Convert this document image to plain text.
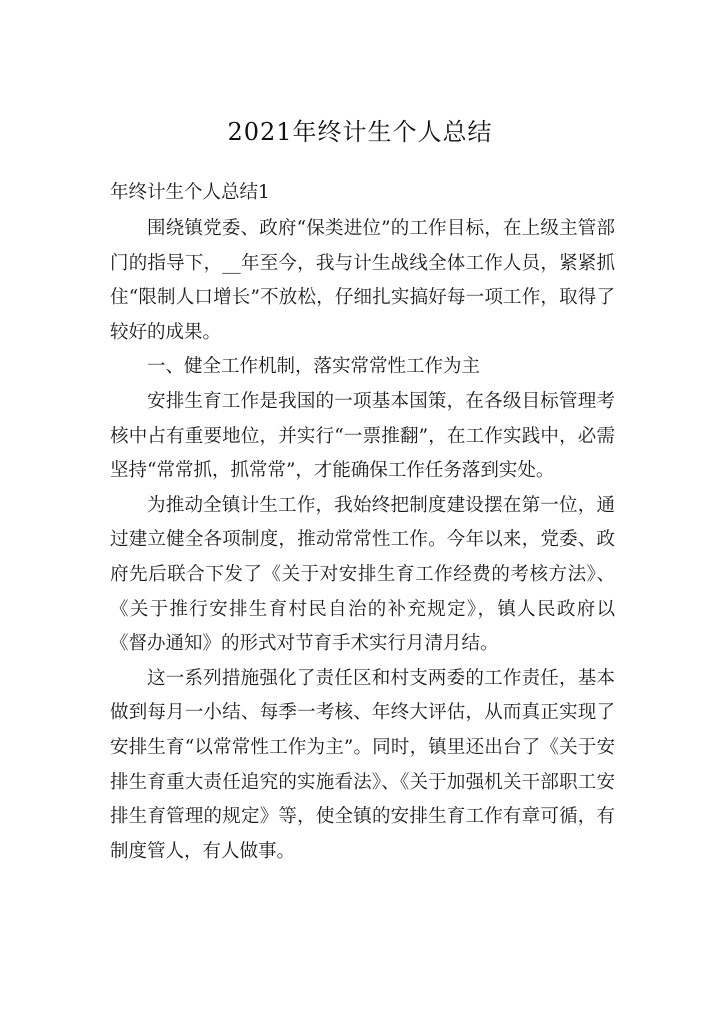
2021年终计生个人总结
年终计生个人总结1

围绕镇党委、政府“保类进位”的工作目标，在上级主管部门的指导下，__年至今，我与计生战线全体工作人员，紧紧抓住“限制人口增长”不放松，仔细扎实搞好每一项工作，取得了较好的成果。

一、健全工作机制，落实常常性工作为主

安排生育工作是我国的一项基本国策，在各级目标管理考核中占有重要地位，并实行“一票推翻”，在工作实践中，必需坚持“常常抓，抓常常”，才能确保工作任务落到实处。

为推动全镇计生工作，我始终把制度建设摆在第一位，通过建立健全各项制度，推动常常性工作。今年以来，党委、政府先后联合下发了《关于对安排生育工作经费的考核方法》、《关于推行安排生育村民自治的补充规定》，镇人民政府以《督办通知》的形式对节育手术实行月清月结。

这一系列措施强化了责任区和村支两委的工作责任，基本做到每月一小结、每季一考核、年终大评估，从而真正实现了安排生育“以常常性工作为主”。同时，镇里还出台了《关于安排生育重大责任追究的实施看法》、《关于加强机关干部职工安排生育管理的规定》等，使全镇的安排生育工作有章可循，有制度管人，有人做事。
